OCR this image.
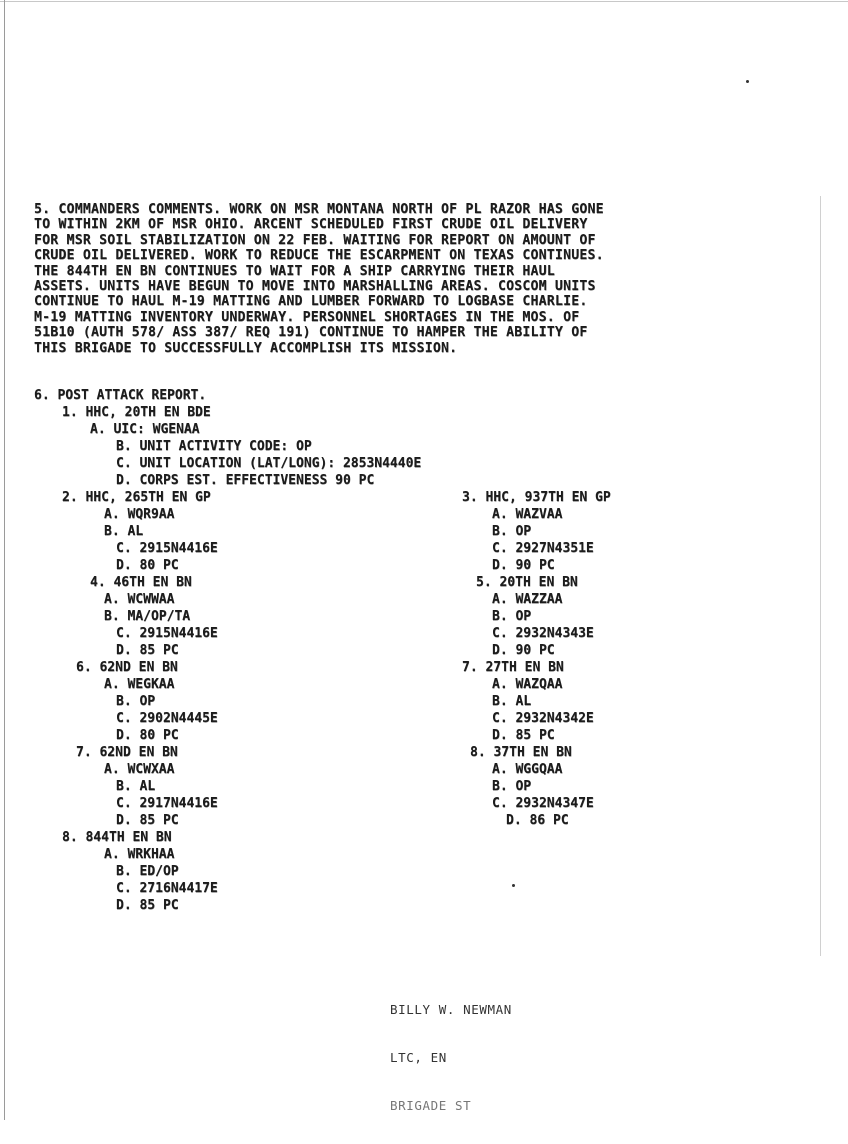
5. COMMANDERS COMMENTS. WORK ON MSR MONTANA NORTH OF PL RAZOR HAS GONE
TO WITHIN 2KM OF MSR OHIO. ARCENT SCHEDULED FIRST CRUDE OIL DELIVERY
FOR MSR SOIL STABILIZATION ON 22 FEB. WAITING FOR REPORT ON AMOUNT OF
CRUDE OIL DELIVERED. WORK TO REDUCE THE ESCARPMENT ON TEXAS CONTINUES.
THE 844TH EN BN CONTINUES TO WAIT FOR A SHIP CARRYING THEIR HAUL
ASSETS. UNITS HAVE BEGUN TO MOVE INTO MARSHALLING AREAS. COSCOM UNITS
CONTINUE TO HAUL M-19 MATTING AND LUMBER FORWARD TO LOGBASE CHARLIE.
M-19 MATTING INVENTORY UNDERWAY. PERSONNEL SHORTAGES IN THE MOS. OF
51B10 (AUTH 578/ ASS 387/ REQ 191) CONTINUE TO HAMPER THE ABILITY OF
THIS BRIGADE TO SUCCESSFULLY ACCOMPLISH ITS MISSION.
6. POST ATTACK REPORT.
1. HHC, 20TH EN BDE
A. UIC: WGENAA
B. UNIT ACTIVITY CODE: OP
C. UNIT LOCATION (LAT/LONG): 2853N4440E
D. CORPS EST. EFFECTIVENESS 90 PC
2. HHC, 265TH EN GP
A. WQR9AA
B. AL
C. 2915N4416E
D. 80 PC
3. HHC, 937TH EN GP
A. WAZVAA
B. OP
C. 2927N4351E
D. 90 PC
4. 46TH EN BN
A. WCWWAA
B. MA/OP/TA
C. 2915N4416E
D. 85 PC
5. 20TH EN BN
A. WAZZAA
B. OP
C. 2932N4343E
D. 90 PC
6. 62ND EN BN
A. WEGKAA
B. OP
C. 2902N4445E
D. 80 PC
7. 27TH EN BN
A. WAZQAA
B. AL
C. 2932N4342E
D. 85 PC
7. 62ND EN BN
A. WCWXAA
B. AL
C. 2917N4416E
D. 85 PC
8. 37TH EN BN
A. WGGQAA
B. OP
C. 2932N4347E
D. 86 PC
8. 844TH EN BN
A. WRKHAA
B. ED/OP
C. 2716N4417E
D. 85 PC

BILLY W. NEWMAN

LTC, EN

BRIGADE ST
